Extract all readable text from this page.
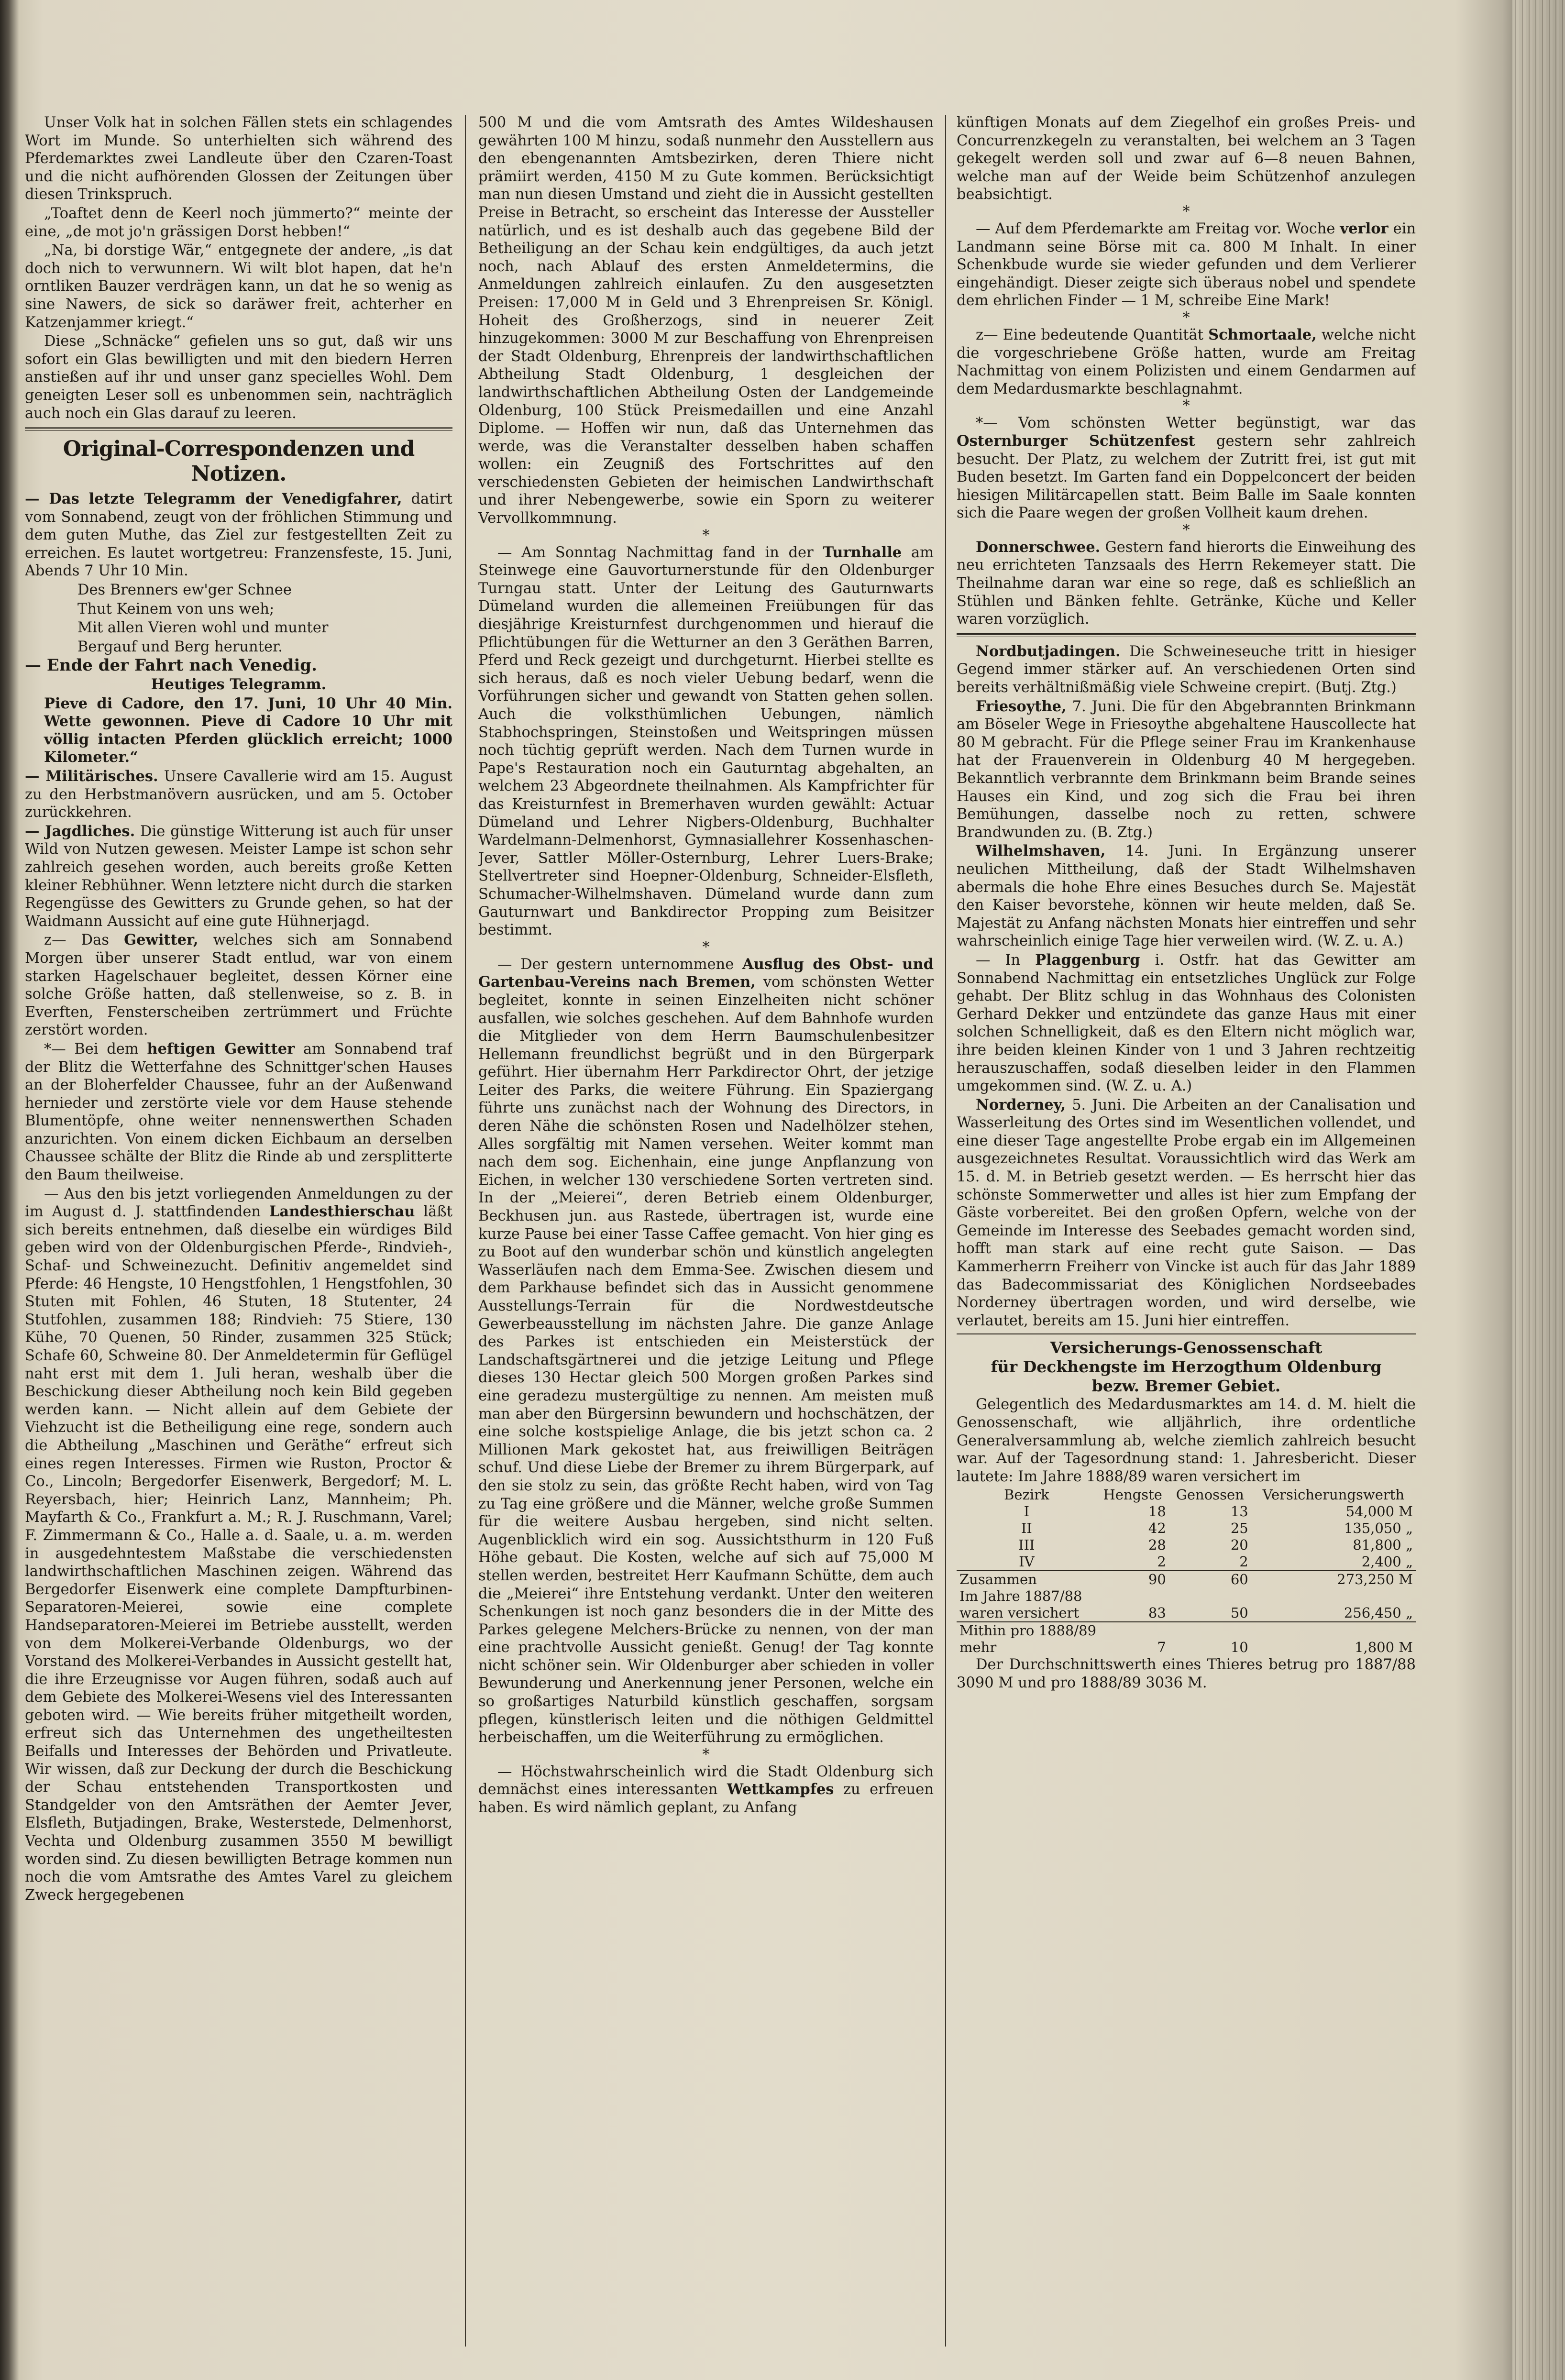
Unser Volk hat in solchen Fällen stets ein schlagendes Wort im Munde. So unterhielten sich während des Pferdemarktes zwei Landleute über den Czaren-Toast und die nicht aufhörenden Glossen der Zeitungen über diesen Trinkspruch.

„Toaftet denn de Keerl noch jümmerto?“ meinte der eine, „de mot jo'n grässigen Dorst hebben!“

„Na, bi dorstige Wär,“ entgegnete der andere, „is dat doch nich to verwunnern. Wi wilt blot hapen, dat he'n orntliken Bauzer verdrägen kann, un dat he so wenig as sine Nawers, de sick so daräwer freit, achterher en Katzenjammer kriegt.“

Diese „Schnäcke“ gefielen uns so gut, daß wir uns sofort ein Glas bewilligten und mit den biedern Herren anstießen auf ihr und unser ganz specielles Wohl. Dem geneigten Leser soll es unbenommen sein, nachträglich auch noch ein Glas darauf zu leeren.

Original-Correspondenzen und Notizen.

— Das letzte Telegramm der Venedigfahrer, datirt vom Sonnabend, zeugt von der fröhlichen Stimmung und dem guten Muthe, das Ziel zur festgestellten Zeit zu erreichen. Es lautet wortgetreu: Franzensfeste, 15. Juni, Abends 7 Uhr 10 Min.

Des Brenners ew'ger Schnee

Thut Keinem von uns weh;

Mit allen Vieren wohl und munter

Bergauf und Berg herunter.

— Ende der Fahrt nach Venedig.

Heutiges Telegramm.

Pieve di Cadore, den 17. Juni, 10 Uhr 40 Min. Wette gewonnen. Pieve di Cadore 10 Uhr mit völlig intacten Pferden glücklich erreicht; 1000 Kilometer.“

— Militärisches. Unsere Cavallerie wird am 15. August zu den Herbstmanövern ausrücken, und am 5. October zurückkehren.

— Jagdliches. Die günstige Witterung ist auch für unser Wild von Nutzen gewesen. Meister Lampe ist schon sehr zahlreich gesehen worden, auch bereits große Ketten kleiner Rebhühner. Wenn letztere nicht durch die starken Regengüsse des Gewitters zu Grunde gehen, so hat der Waidmann Aussicht auf eine gute Hühnerjagd.

z— Das Gewitter, welches sich am Sonnabend Morgen über unserer Stadt entlud, war von einem starken Hagelschauer begleitet, dessen Körner eine solche Größe hatten, daß stellenweise, so z. B. in Everften, Fensterscheiben zertrümmert und Früchte zerstört worden.

*— Bei dem heftigen Gewitter am Sonnabend traf der Blitz die Wetterfahne des Schnittger'schen Hauses an der Bloherfelder Chaussee, fuhr an der Außenwand hernieder und zerstörte viele vor dem Hause stehende Blumentöpfe, ohne weiter nennenswerthen Schaden anzurichten. Von einem dicken Eichbaum an derselben Chaussee schälte der Blitz die Rinde ab und zersplitterte den Baum theilweise.

— Aus den bis jetzt vorliegenden Anmeldungen zu der im August d. J. stattfindenden Landesthierschau läßt sich bereits entnehmen, daß dieselbe ein würdiges Bild geben wird von der Oldenburgischen Pferde-, Rindvieh-, Schaf- und Schweinezucht. Definitiv angemeldet sind Pferde: 46 Hengste, 10 Hengstfohlen, 1 Hengstfohlen, 30 Stuten mit Fohlen, 46 Stuten, 18 Stutenter, 24 Stutfohlen, zusammen 188; Rindvieh: 75 Stiere, 130 Kühe, 70 Quenen, 50 Rinder, zusammen 325 Stück; Schafe 60, Schweine 80. Der Anmeldetermin für Geflügel naht erst mit dem 1. Juli heran, weshalb über die Beschickung dieser Abtheilung noch kein Bild gegeben werden kann. — Nicht allein auf dem Gebiete der Viehzucht ist die Betheiligung eine rege, sondern auch die Abtheilung „Maschinen und Geräthe“ erfreut sich eines regen Interesses. Firmen wie Ruston, Proctor & Co., Lincoln; Bergedorfer Eisenwerk, Bergedorf; M. L. Reyersbach, hier; Heinrich Lanz, Mannheim; Ph. Mayfarth & Co., Frankfurt a. M.; R. J. Ruschmann, Varel; F. Zimmermann & Co., Halle a. d. Saale, u. a. m. werden in ausgedehntestem Maßstabe die verschiedensten landwirthschaftlichen Maschinen zeigen. Während das Bergedorfer Eisenwerk eine complete Dampfturbinen-Separatoren-Meierei, sowie eine complete Handseparatoren-Meierei im Betriebe ausstellt, werden von dem Molkerei-Verbande Oldenburgs, wo der Vorstand des Molkerei-Verbandes in Aussicht gestellt hat, die ihre Erzeugnisse vor Augen führen, sodaß auch auf dem Gebiete des Molkerei-Wesens viel des Interessanten geboten wird. — Wie bereits früher mitgetheilt worden, erfreut sich das Unternehmen des ungetheiltesten Beifalls und Interesses der Behörden und Privatleute. Wir wissen, daß zur Deckung der durch die Beschickung der Schau entstehenden Transportkosten und Standgelder von den Amtsräthen der Aemter Jever, Elsfleth, Butjadingen, Brake, Westerstede, Delmenhorst, Vechta und Oldenburg zusammen 3550 M bewilligt worden sind. Zu diesen bewilligten Betrage kommen nun noch die vom Amtsrathe des Amtes Varel zu gleichem Zweck hergegebenen

500 M und die vom Amtsrath des Amtes Wildeshausen gewährten 100 M hinzu, sodaß nunmehr den Ausstellern aus den ebengenannten Amtsbezirken, deren Thiere nicht prämiirt werden, 4150 M zu Gute kommen. Berücksichtigt man nun diesen Umstand und zieht die in Aussicht gestellten Preise in Betracht, so erscheint das Interesse der Aussteller natürlich, und es ist deshalb auch das gegebene Bild der Betheiligung an der Schau kein endgültiges, da auch jetzt noch, nach Ablauf des ersten Anmeldetermins, die Anmeldungen zahlreich einlaufen. Zu den ausgesetzten Preisen: 17,000 M in Geld und 3 Ehrenpreisen Sr. Königl. Hoheit des Großherzogs, sind in neuerer Zeit hinzugekommen: 3000 M zur Beschaffung von Ehrenpreisen der Stadt Oldenburg, Ehrenpreis der landwirthschaftlichen Abtheilung Stadt Oldenburg, 1 desgleichen der landwirthschaftlichen Abtheilung Osten der Landgemeinde Oldenburg, 100 Stück Preismedaillen und eine Anzahl Diplome. — Hoffen wir nun, daß das Unternehmen das werde, was die Veranstalter desselben haben schaffen wollen: ein Zeugniß des Fortschrittes auf den verschiedensten Gebieten der heimischen Landwirthschaft und ihrer Nebengewerbe, sowie ein Sporn zu weiterer Vervollkommnung.

*

— Am Sonntag Nachmittag fand in der Turnhalle am Steinwege eine Gauvorturnerstunde für den Oldenburger Turngau statt. Unter der Leitung des Gauturnwarts Dümeland wurden die allemeinen Freiübungen für das diesjährige Kreisturnfest durchgenommen und hierauf die Pflichtübungen für die Wetturner an den 3 Geräthen Barren, Pferd und Reck gezeigt und durchgeturnt. Hierbei stellte es sich heraus, daß es noch vieler Uebung bedarf, wenn die Vorführungen sicher und gewandt von Statten gehen sollen. Auch die volksthümlichen Uebungen, nämlich Stabhochspringen, Steinstoßen und Weitspringen müssen noch tüchtig geprüft werden. Nach dem Turnen wurde in Pape's Restauration noch ein Gauturntag abgehalten, an welchem 23 Abgeordnete theilnahmen. Als Kampfrichter für das Kreisturnfest in Bremerhaven wurden gewählt: Actuar Dümeland und Lehrer Nigbers-Oldenburg, Buchhalter Wardelmann-Delmenhorst, Gymnasiallehrer Kossenhaschen-Jever, Sattler Möller-Osternburg, Lehrer Luers-Brake; Stellvertreter sind Hoepner-Oldenburg, Schneider-Elsfleth, Schumacher-Wilhelmshaven. Dümeland wurde dann zum Gauturnwart und Bankdirector Propping zum Beisitzer bestimmt.

*

— Der gestern unternommene Ausflug des Obst- und Gartenbau-Vereins nach Bremen, vom schönsten Wetter begleitet, konnte in seinen Einzelheiten nicht schöner ausfallen, wie solches geschehen. Auf dem Bahnhofe wurden die Mitglieder von dem Herrn Baumschulenbesitzer Hellemann freundlichst begrüßt und in den Bürgerpark geführt. Hier übernahm Herr Parkdirector Ohrt, der jetzige Leiter des Parks, die weitere Führung. Ein Spaziergang führte uns zunächst nach der Wohnung des Directors, in deren Nähe die schönsten Rosen und Nadelhölzer stehen, Alles sorgfältig mit Namen versehen. Weiter kommt man nach dem sog. Eichenhain, eine junge Anpflanzung von Eichen, in welcher 130 verschiedene Sorten vertreten sind. In der „Meierei“, deren Betrieb einem Oldenburger, Beckhusen jun. aus Rastede, übertragen ist, wurde eine kurze Pause bei einer Tasse Caffee gemacht. Von hier ging es zu Boot auf den wunderbar schön und künstlich angelegten Wasserläufen nach dem Emma-See. Zwischen diesem und dem Parkhause befindet sich das in Aussicht genommene Ausstellungs-Terrain für die Nordwestdeutsche Gewerbeausstellung im nächsten Jahre. Die ganze Anlage des Parkes ist entschieden ein Meisterstück der Landschaftsgärtnerei und die jetzige Leitung und Pflege dieses 130 Hectar gleich 500 Morgen großen Parkes sind eine geradezu mustergültige zu nennen. Am meisten muß man aber den Bürgersinn bewundern und hochschätzen, der eine solche kostspielige Anlage, die bis jetzt schon ca. 2 Millionen Mark gekostet hat, aus freiwilligen Beiträgen schuf. Und diese Liebe der Bremer zu ihrem Bürgerpark, auf den sie stolz zu sein, das größte Recht haben, wird von Tag zu Tag eine größere und die Männer, welche große Summen für die weitere Ausbau hergeben, sind nicht selten. Augenblicklich wird ein sog. Aussichtsthurm in 120 Fuß Höhe gebaut. Die Kosten, welche auf sich auf 75,000 M stellen werden, bestreitet Herr Kaufmann Schütte, dem auch die „Meierei“ ihre Entstehung verdankt. Unter den weiteren Schenkungen ist noch ganz besonders die in der Mitte des Parkes gelegene Melchers-Brücke zu nennen, von der man eine prachtvolle Aussicht genießt. Genug! der Tag konnte nicht schöner sein. Wir Oldenburger aber schieden in voller Bewunderung und Anerkennung jener Personen, welche ein so großartiges Naturbild künstlich geschaffen, sorgsam pflegen, künstlerisch leiten und die nöthigen Geldmittel herbeischaffen, um die Weiterführung zu ermöglichen.

*

— Höchstwahrscheinlich wird die Stadt Oldenburg sich demnächst eines interessanten Wettkampfes zu erfreuen haben. Es wird nämlich geplant, zu Anfang

künftigen Monats auf dem Ziegelhof ein großes Preis- und Concurrenzkegeln zu veranstalten, bei welchem an 3 Tagen gekegelt werden soll und zwar auf 6—8 neuen Bahnen, welche man auf der Weide beim Schützenhof anzulegen beabsichtigt.

*

— Auf dem Pferdemarkte am Freitag vor. Woche verlor ein Landmann seine Börse mit ca. 800 M Inhalt. In einer Schenkbude wurde sie wieder gefunden und dem Verlierer eingehändigt. Dieser zeigte sich überaus nobel und spendete dem ehrlichen Finder — 1 M, schreibe Eine Mark!

*

z— Eine bedeutende Quantität Schmortaale, welche nicht die vorgeschriebene Größe hatten, wurde am Freitag Nachmittag von einem Polizisten und einem Gendarmen auf dem Medardusmarkte beschlagnahmt.

*

*— Vom schönsten Wetter begünstigt, war das Osternburger Schützenfest gestern sehr zahlreich besucht. Der Platz, zu welchem der Zutritt frei, ist gut mit Buden besetzt. Im Garten fand ein Doppelconcert der beiden hiesigen Militärcapellen statt. Beim Balle im Saale konnten sich die Paare wegen der großen Vollheit kaum drehen.

*

Donnerschwee. Gestern fand hierorts die Einweihung des neu errichteten Tanzsaals des Herrn Rekemeyer statt. Die Theilnahme daran war eine so rege, daß es schließlich an Stühlen und Bänken fehlte. Getränke, Küche und Keller waren vorzüglich.

Nordbutjadingen. Die Schweineseuche tritt in hiesiger Gegend immer stärker auf. An verschiedenen Orten sind bereits verhältnißmäßig viele Schweine crepirt. (Butj. Ztg.)

Friesoythe, 7. Juni. Die für den Abgebrannten Brinkmann am Böseler Wege in Friesoythe abgehaltene Hauscollecte hat 80 M gebracht. Für die Pflege seiner Frau im Krankenhause hat der Frauenverein in Oldenburg 40 M hergegeben. Bekanntlich verbrannte dem Brinkmann beim Brande seines Hauses ein Kind, und zog sich die Frau bei ihren Bemühungen, dasselbe noch zu retten, schwere Brandwunden zu. (B. Ztg.)

Wilhelmshaven, 14. Juni. In Ergänzung unserer neulichen Mittheilung, daß der Stadt Wilhelmshaven abermals die hohe Ehre eines Besuches durch Se. Majestät den Kaiser bevorstehe, können wir heute melden, daß Se. Majestät zu Anfang nächsten Monats hier eintreffen und sehr wahrscheinlich einige Tage hier verweilen wird. (W. Z. u. A.)

— In Plaggenburg i. Ostfr. hat das Gewitter am Sonnabend Nachmittag ein entsetzliches Unglück zur Folge gehabt. Der Blitz schlug in das Wohnhaus des Colonisten Gerhard Dekker und entzündete das ganze Haus mit einer solchen Schnelligkeit, daß es den Eltern nicht möglich war, ihre beiden kleinen Kinder von 1 und 3 Jahren rechtzeitig herauszuschaffen, sodaß dieselben leider in den Flammen umgekommen sind. (W. Z. u. A.)

Norderney, 5. Juni. Die Arbeiten an der Canalisation und Wasserleitung des Ortes sind im Wesentlichen vollendet, und eine dieser Tage angestellte Probe ergab ein im Allgemeinen ausgezeichnetes Resultat. Voraussichtlich wird das Werk am 15. d. M. in Betrieb gesetzt werden. — Es herrscht hier das schönste Sommerwetter und alles ist hier zum Empfang der Gäste vorbereitet. Bei den großen Opfern, welche von der Gemeinde im Interesse des Seebades gemacht worden sind, hofft man stark auf eine recht gute Saison. — Das Kammerherrn Freiherr von Vincke ist auch für das Jahr 1889 das Badecommissariat des Königlichen Nordseebades Norderney übertragen worden, und wird derselbe, wie verlautet, bereits am 15. Juni hier eintreffen.

Versicherungs-Genossenschaft
für Deckhengste im Herzogthum Oldenburg
bezw. Bremer Gebiet.

Gelegentlich des Medardusmarktes am 14. d. M. hielt die Genossenschaft, wie alljährlich, ihre ordentliche Generalversammlung ab, welche ziemlich zahlreich besucht war. Auf der Tagesordnung stand: 1. Jahresbericht. Dieser lautete: Im Jahre 1888/89 waren versichert im

Bezirk	Hengste	Genossen	Versicherungswerth
I	18	13	54,000 M
II	42	25	135,050 „
III	28	20	81,800 „
IV	2	2	2,400 „
Zusammen	90	60	273,250 M
Im Jahre 1887/88			
waren versichert	83	50	256,450 „
Mithin pro 1888/89			
mehr	7	10	1,800 M

Der Durchschnittswerth eines Thieres betrug pro 1887/88 3090 M und pro 1888/89 3036 M.
